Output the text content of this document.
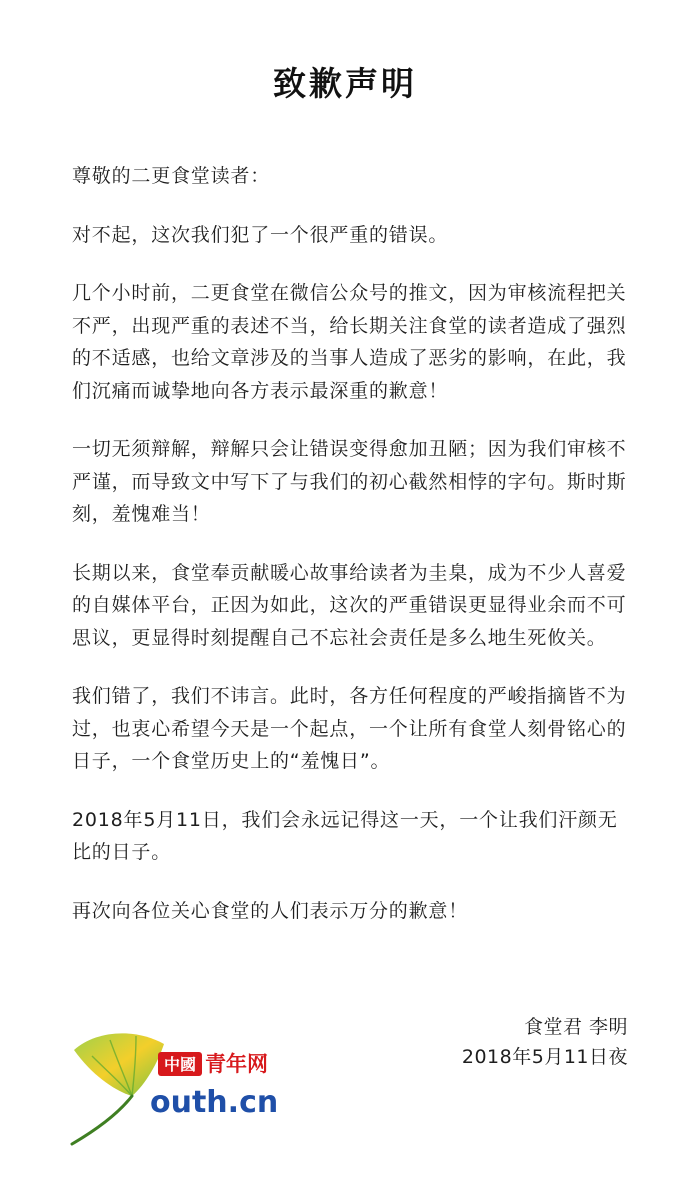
致歉声明

尊敬的二更食堂读者：

对不起，这次我们犯了一个很严重的错误。

几个小时前，二更食堂在微信公众号的推文，因为审核流程把关不严，出现严重的表述不当，给长期关注食堂的读者造成了强烈的不适感，也给文章涉及的当事人造成了恶劣的影响，在此，我们沉痛而诚挚地向各方表示最深重的歉意！

一切无须辩解，辩解只会让错误变得愈加丑陋；因为我们审核不严谨，而导致文中写下了与我们的初心截然相悖的字句。斯时斯刻，羞愧难当！

长期以来，食堂奉贡献暖心故事给读者为圭臬，成为不少人喜爱的自媒体平台，正因为如此，这次的严重错误更显得业余而不可思议，更显得时刻提醒自己不忘社会责任是多么地生死攸关。

我们错了，我们不讳言。此时，各方任何程度的严峻指摘皆不为过，也衷心希望今天是一个起点，一个让所有食堂人刻骨铭心的日子，一个食堂历史上的“羞愧日”。

2018年5月11日，我们会永远记得这一天，一个让我们汗颜无比的日子。

再次向各位关心食堂的人们表示万分的歉意！

食堂君 李明
2018年5月11日夜
中國 青年网
outh.cn
